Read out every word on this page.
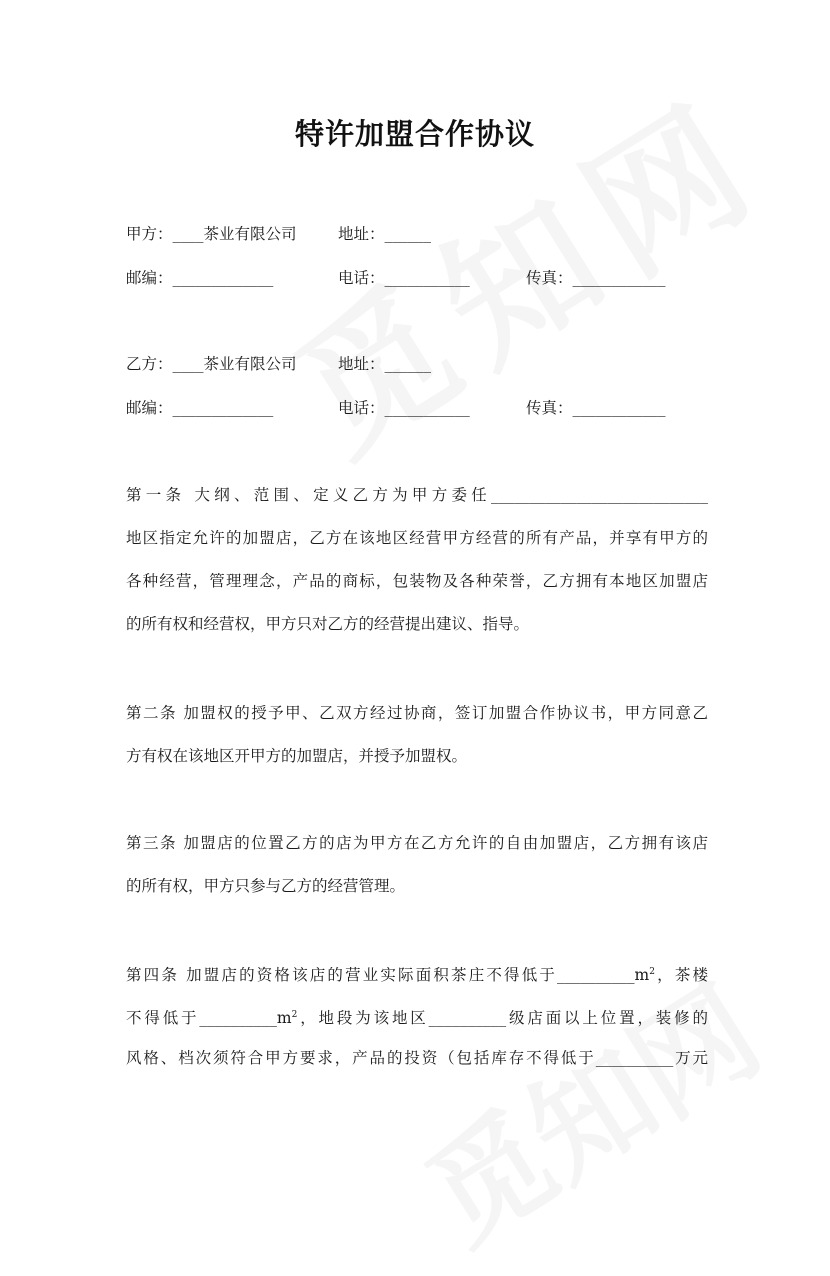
特许加盟合作协议
甲方：____茶业有限公司	地址：______
邮编：_____________	电话：___________	传真：____________
乙方：____茶业有限公司	地址：______
邮编：_____________	电话：___________	传真：____________
第一条 大纲、范围、定义乙方为甲方委任____________________________
地区指定允许的加盟店，乙方在该地区经营甲方经营的所有产品，并享有甲方的
各种经营，管理理念，产品的商标，包装物及各种荣誉，乙方拥有本地区加盟店
的所有权和经营权，甲方只对乙方的经营提出建议、指导。
第二条 加盟权的授予甲、乙双方经过协商，签订加盟合作协议书，甲方同意乙
方有权在该地区开甲方的加盟店，并授予加盟权。
第三条 加盟店的位置乙方的店为甲方在乙方允许的自由加盟店，乙方拥有该店
的所有权，甲方只参与乙方的经营管理。
第四条 加盟店的资格该店的营业实际面积茶庄不得低于$\_\_\_\_\_\_\_\_\_\_m^2$，茶楼
不得低于$\_\_\_\_\_\_\_\_\_\_m^2$，地段为该地区__________级店面以上位置，装修的
风格、档次须符合甲方要求，产品的投资（包括库存不得低于__________万元
